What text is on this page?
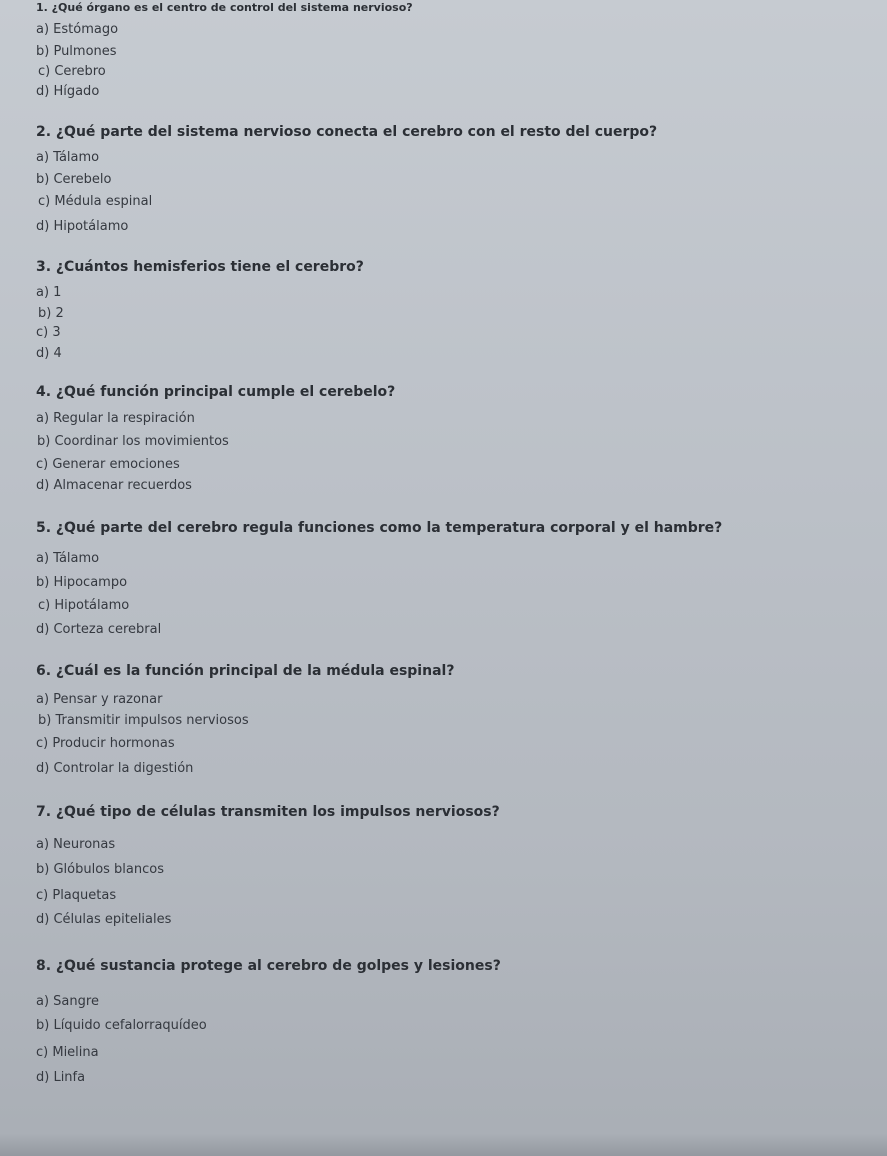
1. ¿Qué órgano es el centro de control del sistema nervioso?
a) Estómago
b) Pulmones
c) Cerebro
d) Hígado
2. ¿Qué parte del sistema nervioso conecta el cerebro con el resto del cuerpo?
a) Tálamo
b) Cerebelo
c) Médula espinal
d) Hipotálamo
3. ¿Cuántos hemisferios tiene el cerebro?
a) 1
b) 2
c) 3
d) 4
4. ¿Qué función principal cumple el cerebelo?
a) Regular la respiración
b) Coordinar los movimientos
c) Generar emociones
d) Almacenar recuerdos
5. ¿Qué parte del cerebro regula funciones como la temperatura corporal y el hambre?
a) Tálamo
b) Hipocampo
c) Hipotálamo
d) Corteza cerebral
6. ¿Cuál es la función principal de la médula espinal?
a) Pensar y razonar
b) Transmitir impulsos nerviosos
c) Producir hormonas
d) Controlar la digestión
7. ¿Qué tipo de células transmiten los impulsos nerviosos?
a) Neuronas
b) Glóbulos blancos
c) Plaquetas
d) Células epiteliales
8. ¿Qué sustancia protege al cerebro de golpes y lesiones?
a) Sangre
b) Líquido cefalorraquídeo
c) Mielina
d) Linfa
